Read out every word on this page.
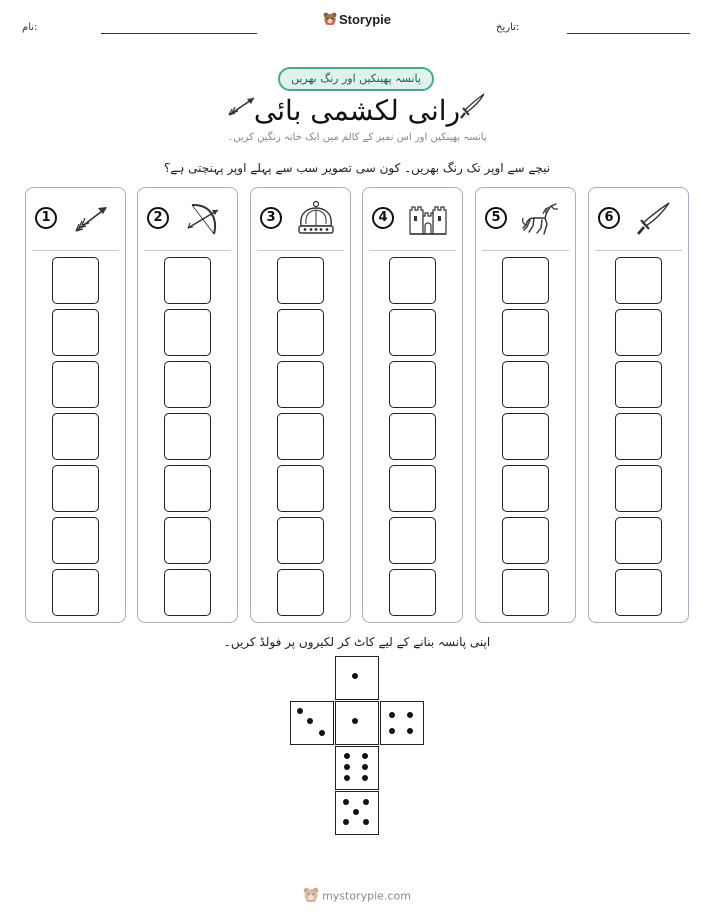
نام:
Storypie
تاریخ:
پانسہ پھینکیں اور رنگ بھریں
رانی لکشمی بائی
پانسہ پھینکیں اور اس نمبر کے کالم میں ایک خانہ رنگین کریں۔
نیچے سے اوپر تک رنگ بھریں۔ کون سی تصویر سب سے پہلے اوپر پہنچتی ہے؟
1	2	3	4	5	6
اپنی پانسہ بنانے کے لیے کاٹ کر لکیروں پر فولڈ کریں۔
mystorypie.com
